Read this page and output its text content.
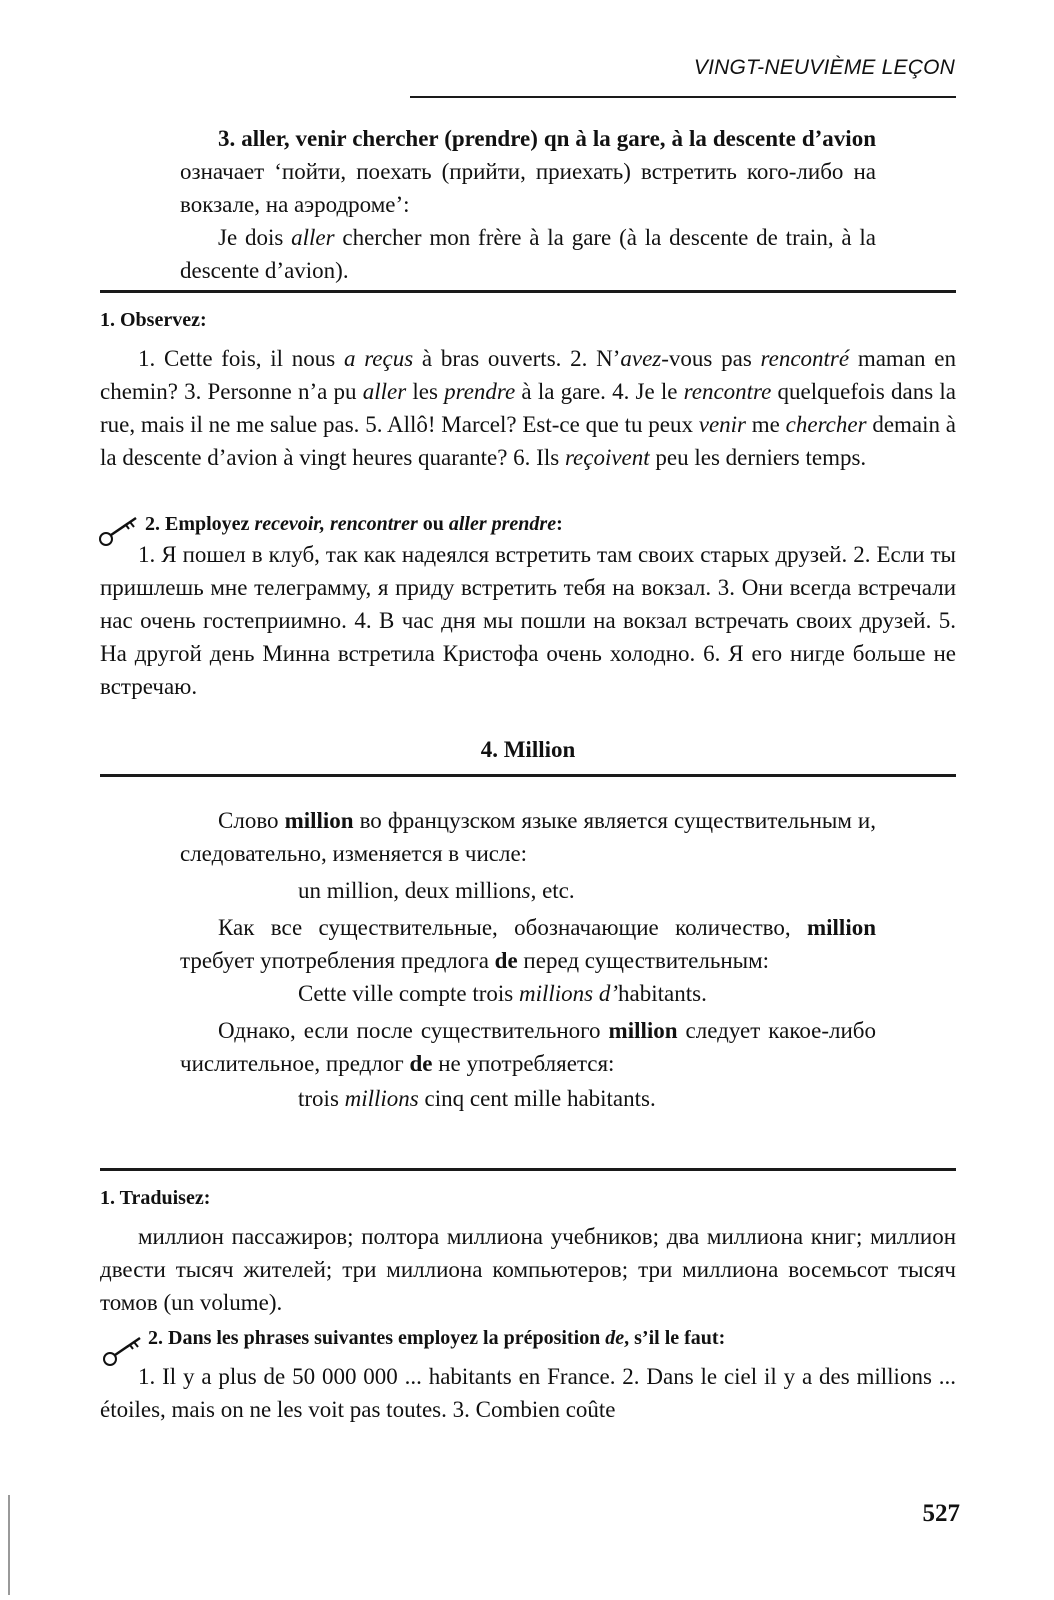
VINGT-NEUVIÈME LEÇON

3. aller, venir chercher (prendre) qn à la gare, à la descente d’avion означает ‘пойти, поехать (прийти, приехать) встретить кого-либо на вокзале, на аэродроме’:

Je dois aller chercher mon frère à la gare (à la descente de train, à la descente d’avion).

1. Observez:

1. Cette fois, il nous a reçus à bras ouverts. 2. N’avez-vous pas rencontré maman en chemin? 3. Personne n’a pu aller les prendre à la gare. 4. Je le rencontre quelquefois dans la rue, mais il ne me salue pas. 5. Allô! Marcel? Est-ce que tu peux venir me chercher demain à la descente d’avion à vingt heures quarante? 6. Ils reçoivent peu les derniers temps.

2. Employez recevoir, rencontrer ou aller prendre:

1. Я пошел в клуб, так как надеялся встретить там своих старых друзей. 2. Если ты пришлешь мне телеграмму, я приду встретить тебя на вокзал. 3. Они всегда встречали нас очень гостеприимно. 4. В час дня мы пошли на вокзал встречать своих друзей. 5. На другой день Минна встретила Кристофа очень холодно. 6. Я его нигде больше не встречаю.

4. Million

Слово million во французском языке является существительным и, следовательно, изменяется в числе:

un million, deux millions, etc.

Как все существительные, обозначающие количество, million требует употребления предлога de перед существительным:

Cette ville compte trois millions d’habitants.

Однако, если после существительного million следует какое-либо числительное, предлог de не употребляется:

trois millions cinq cent mille habitants.
1. Traduisez:

миллион пассажиров; полтора миллиона учебников; два миллиона книг; миллион двести тысяч жителей; три миллиона компьютеров; три миллиона восемьсот тысяч томов (un volume).

2. Dans les phrases suivantes employez la préposition de, s’il le faut:

1. Il y a plus de 50 000 000 ... habitants en France. 2. Dans le ciel il y a des millions ... étoiles, mais on ne les voit pas toutes. 3. Combien coûte

527
